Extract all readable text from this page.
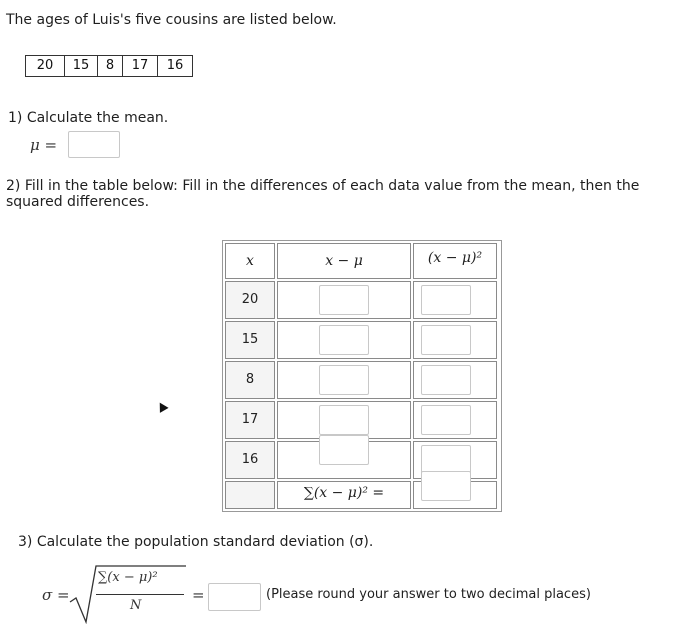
The ages of Luis's five cousins are listed below.
20	15	8	17	16
1) Calculate the mean.
μ =
2) Fill in the table below: Fill in the differences of each data value from the mean, then the squared differences.
x	x − μ	(x − μ)²
20
15
8
17
16
∑(x − μ)² =
3) Calculate the population standard deviation (σ).
σ =
∑(x − μ)²
N
=	(Please round your answer to two decimal places)
